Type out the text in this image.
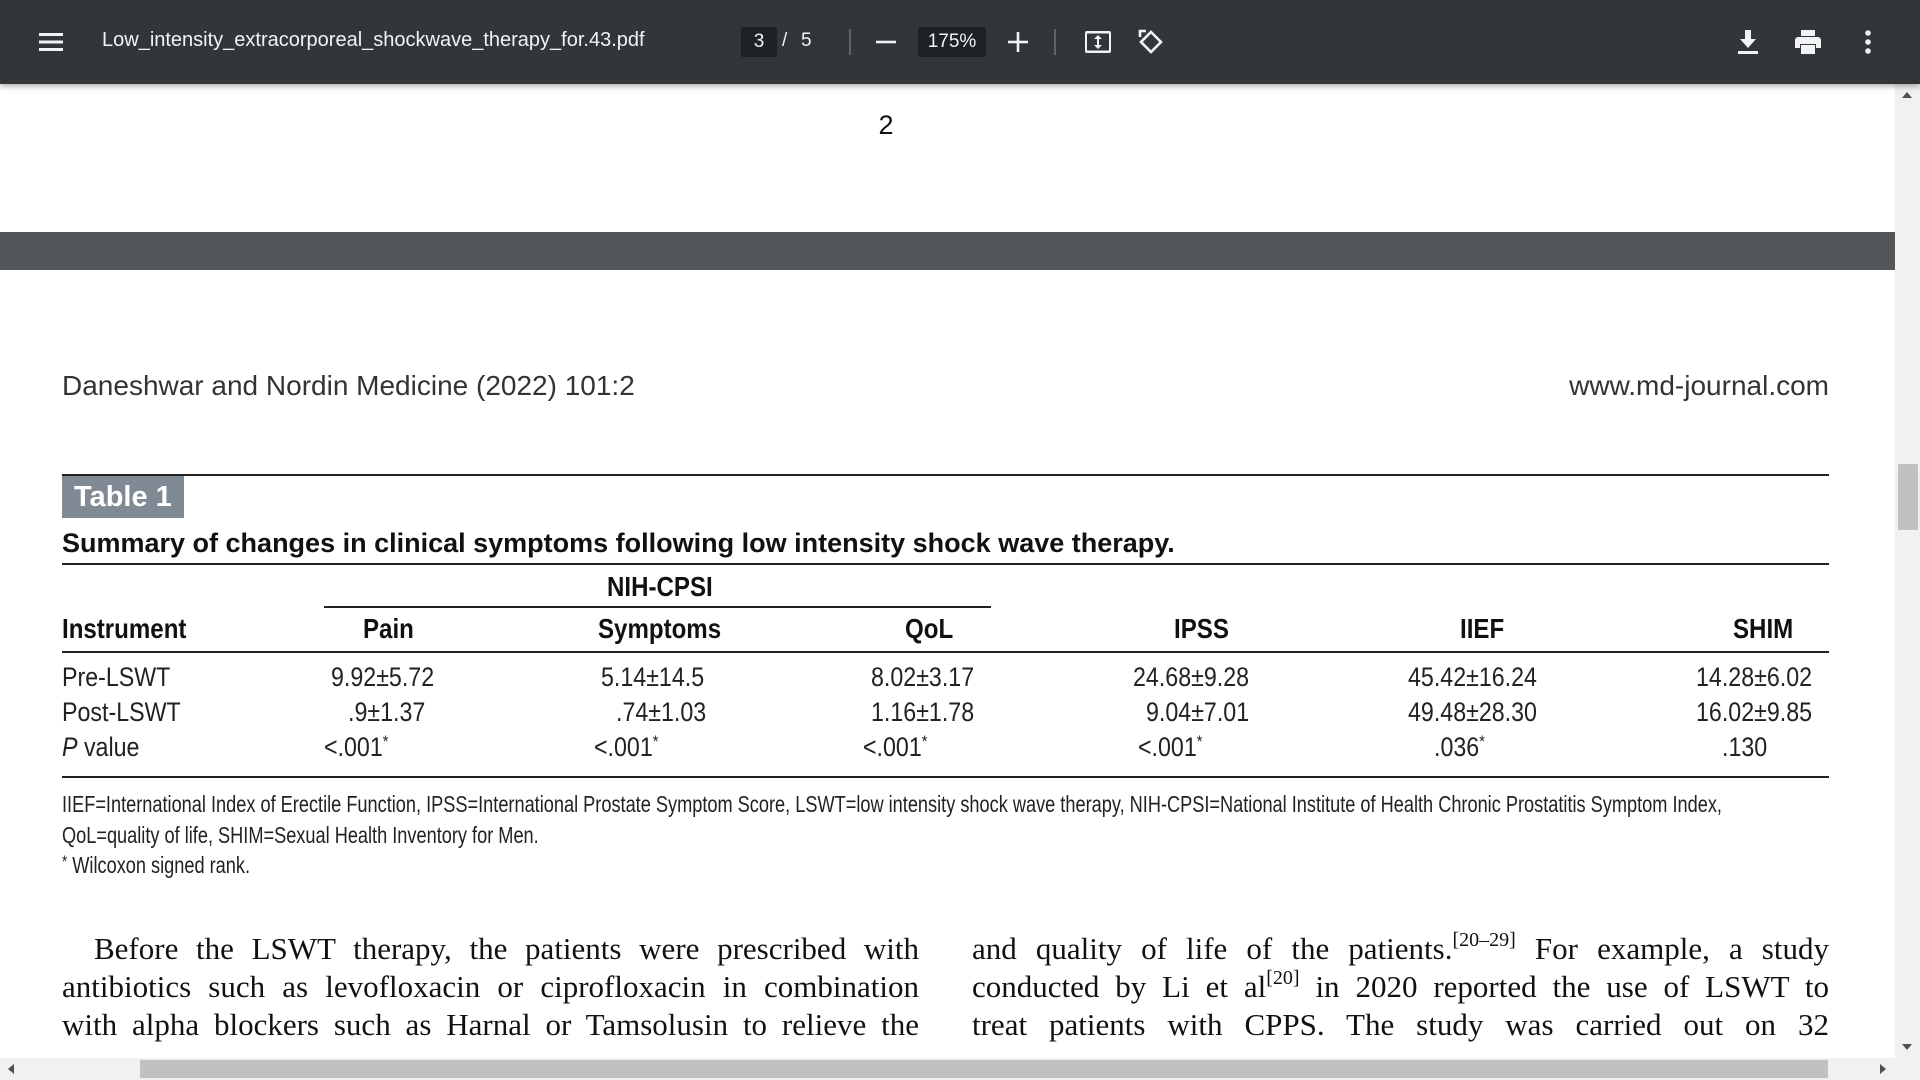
Low_intensity_extracorporeal_shockwave_therapy_for.43.pdf	3 / 5	175%
2
Daneshwar and Nordin Medicine (2022) 101:2	www.md-journal.com
Table 1
Summary of changes in clinical symptoms following low intensity shock wave therapy.
NIH-CPSI
Instrument	Pain	Symptoms	QoL	IPSS	IIEF	SHIM
Pre-LSWT	9.92±5.72	5.14±14.5	8.02±3.17	24.68±9.28	45.42±16.24	14.28±6.02
Post-LSWT	.9±1.37	.74±1.03	1.16±1.78	9.04±7.01	49.48±28.30	16.02±9.85
P value	<.001*	<.001*	<.001*	<.001*	.036*	.130
IIEF=International Index of Erectile Function, IPSS=International Prostate Symptom Score, LSWT=low intensity shock wave therapy, NIH-CPSI=National Institute of Health Chronic Prostatitis Symptom Index,
QoL=quality of life, SHIM=Sexual Health Inventory for Men.
* Wilcoxon signed rank.
Before the LSWT therapy, the patients were prescribed with
antibiotics such as levofloxacin or ciprofloxacin in combination
with alpha blockers such as Harnal or Tamsolusin to relieve the
and quality of life of the patients.[20–29] For example, a study
conducted by Li et al[20] in 2020 reported the use of LSWT to
treat patients with CPPS. The study was carried out on 32
